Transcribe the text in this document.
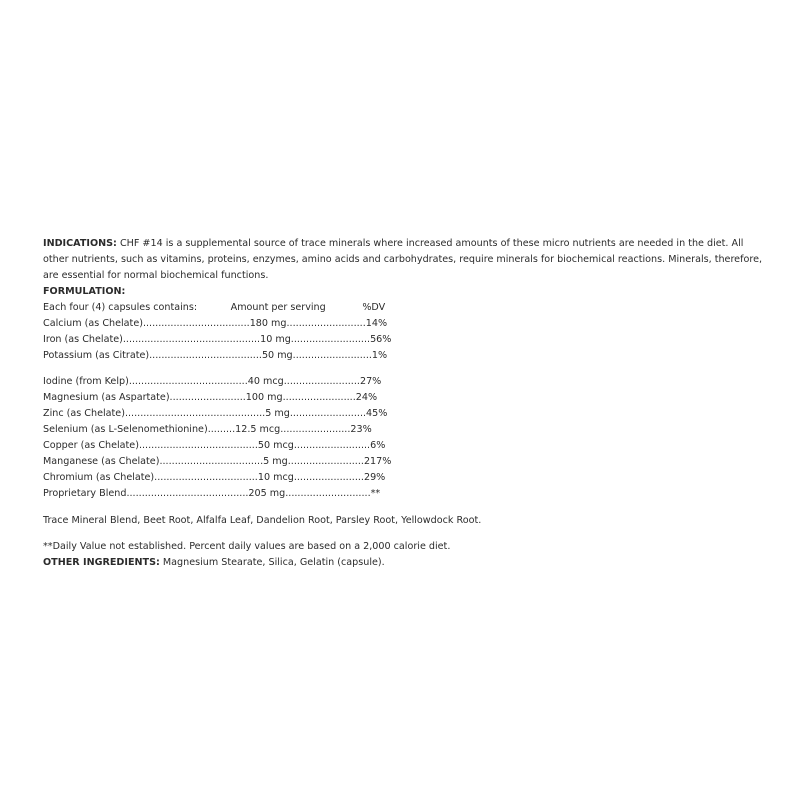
INDICATIONS: CHF #14 is a supplemental source of trace minerals where increased amounts of these micro nutrients are needed in the diet. All other nutrients, such as vitamins, proteins, enzymes, amino acids and carbohydrates, require minerals for biochemical reactions. Minerals, therefore, are essential for normal biochemical functions.

FORMULATION:
Each four (4) capsules contains:           Amount per serving            %DV
Calcium (as Chelate)...................................180 mg..........................14%
Iron (as Chelate).............................................10 mg..........................56%
Potassium (as Citrate).....................................50 mg..........................1%
Iodine (from Kelp).......................................40 mcg.........................27%
Magnesium (as Aspartate).........................100 mg........................24%
Zinc (as Chelate)..............................................5 mg.........................45%
Selenium (as L-Selenomethionine).........12.5 mcg.......................23%
Copper (as Chelate).......................................50 mcg.........................6%
Manganese (as Chelate)..................................5 mg.........................217%
Chromium (as Chelate)..................................10 mcg.......................29%
Proprietary Blend........................................205 mg............................**
Trace Mineral Blend, Beet Root, Alfalfa Leaf, Dandelion Root, Parsley Root, Yellowdock Root.
**Daily Value not established. Percent daily values are based on a 2,000 calorie diet.
OTHER INGREDIENTS: Magnesium Stearate, Silica, Gelatin (capsule).
